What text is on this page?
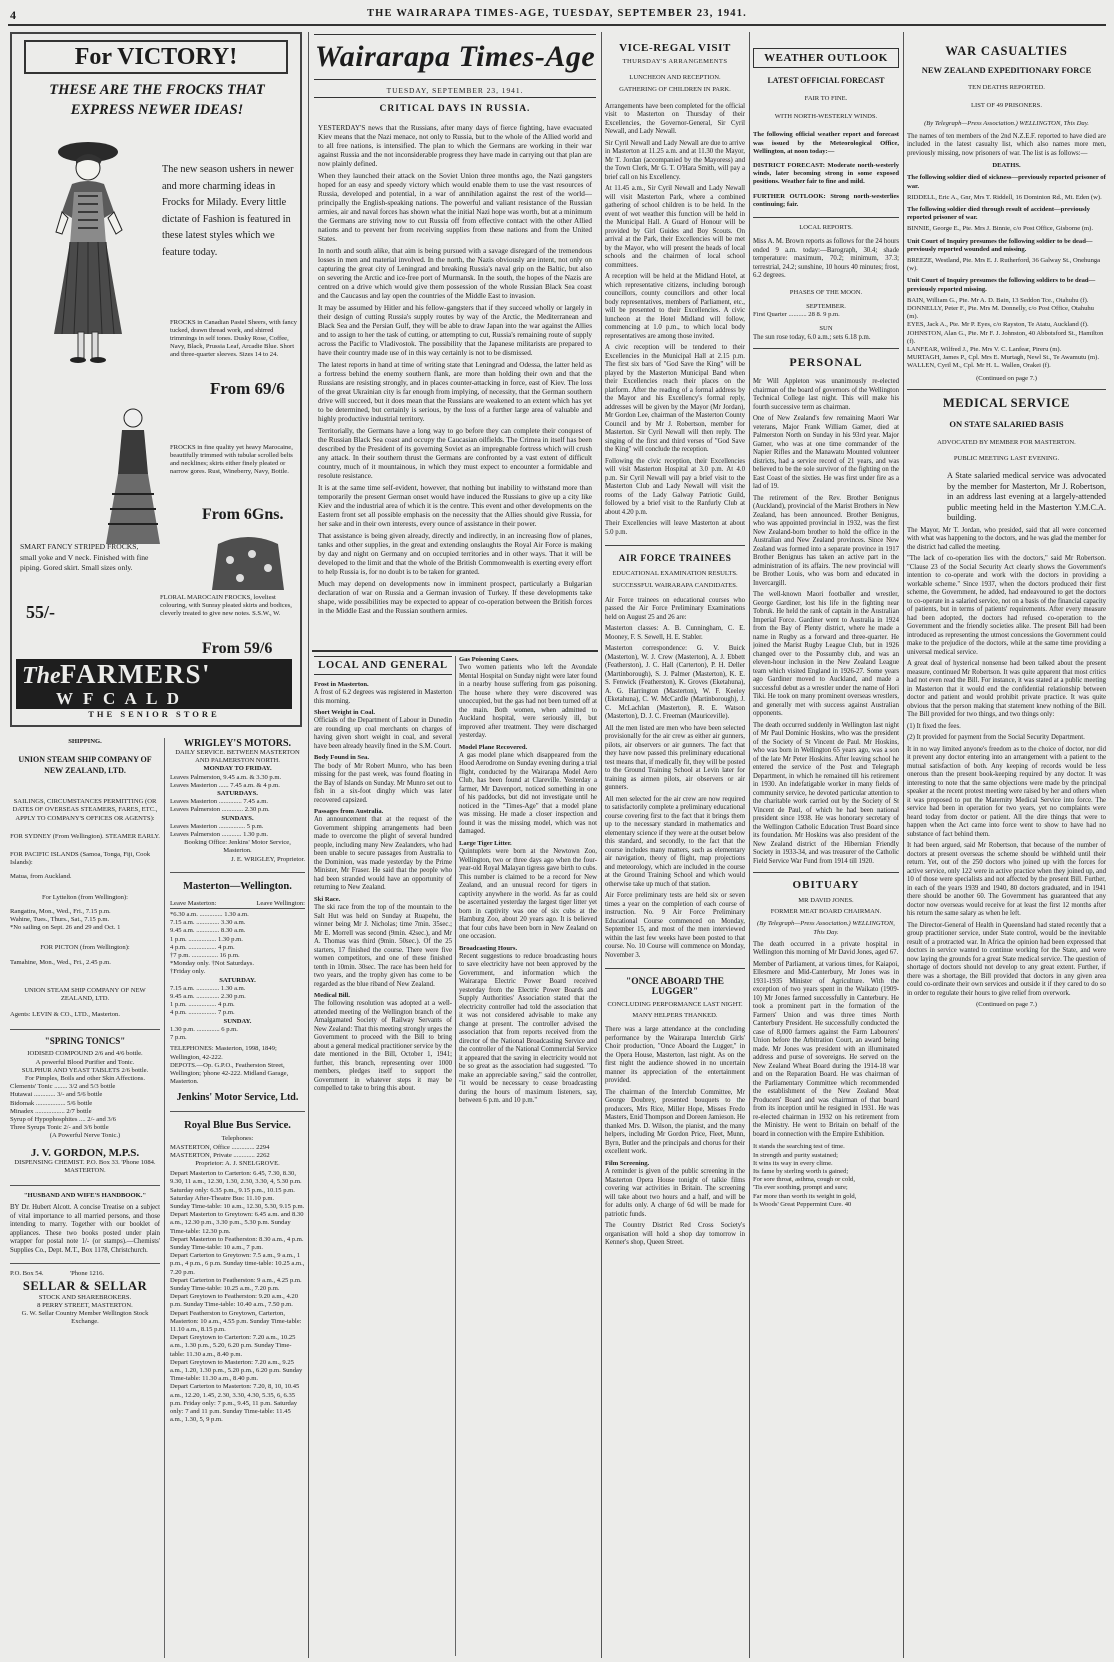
4	THE WAIRARAPA TIMES-AGE, TUESDAY, SEPTEMBER 23, 1941.
For VICTORY!
THESE ARE THE FROCKS THAT EXPRESS NEWER IDEAS!
The new season ushers in newer and more charming ideas in Frocks for Milady. Every little dictate of Fashion is featured in these latest styles which we feature today.
FROCKS in Canadian Pastel Sheers, with fancy tucked, drawn thread work, and shirred trimmings in self tones. Dusky Rose, Coffee, Navy, Black, Prussia Leaf, Arcadie Blue. Short and three-quarter sleeves. Sizes 14 to 24.
From 69/6
FROCKS in fine quality yet heavy Marocaine, beautifully trimmed with tubular scrolled belts and necklines; skirts either finely pleated or narrow gores. Rust, Wineberry, Navy, Bottle.
From 6Gns.
SMART FANCY STRIPED FROCKS, small yoke and V neck. Finished with fine piping. Gored skirt. Small sizes only.
55/-
FLORAL MAROCAIN FROCKS, loveliest colouring, with Sunray pleated skirts and bodices, cleverly treated to give new notes. S.S.W., W.
From 59/6
The FARMERS'
W F C A L D
THE SENIOR STORE
SHIPPING.
UNION STEAM SHIP COMPANY OF NEW ZEALAND, LTD.
SAILINGS, CIRCUMSTANCES PERMITTING (OR DATES OF OVERSEAS STEAMERS, FARES, ETC., APPLY TO COMPANY'S OFFICES OR AGENTS):
FOR SYDNEY (From Wellington). STEAMER EARLY.
FOR PACIFIC ISLANDS (Samoa, Tonga, Fiji, Cook Islands):
Matua, from Auckland.
For Lyttelton (from Wellington):
Rangatira, Mon., Wed., Fri., 7.15 p.m.
Wahine, Tues., Thurs., Sat., 7.15 p.m.
*No sailing on Sept. 26 and 29 and Oct. 1
FOR PICTON (from Wellington):
Tamahine, Mon., Wed., Fri., 2.45 p.m.
UNION STEAM SHIP COMPANY OF NEW ZEALAND, LTD.
Agents: LEVIN & CO., LTD., Masterton.
"SPRING TONICS"
IODISED COMPOUND 2/6 and 4/6 bottle.
A powerful Blood Purifier and Tonic.
SULPHUR AND YEAST TABLETS 2/6 bottle.
For Pimples, Boils and other Skin Affections.
Clements' Tonic ........ 3/2 and 5/3 bottle
Hutawai ............. 3/- and 5/6 bottle
Bidomak .................. 5/6 bottle
Minadex .................. 2/7 bottle
Syrup of Hypophosphites .... 2/- and 3/6
Three Syrups Tonic 2/- and 3/6 bottle
(A Powerful Nerve Tonic.)
J. V. GORDON, M.P.S.
DISPENSING CHEMIST. P.O. Box 33. 'Phone 1084. MASTERTON.
"HUSBAND AND WIFE'S HANDBOOK."
BY Dr. Hubert Alcott. A concise Treatise on a subject of vital importance to all married persons, and those intending to marry. Together with our booklet of appliances. These two books posted under plain wrapper for postal note 1/- (or stamps).—Chemists' Supplies Co., Dept. M.T., Box 1178, Christchurch.
P.O. Box 54.                'Phone 1216.
SELLAR & SELLAR
STOCK AND SHAREBROKERS.
8 PERRY STREET, MASTERTON.
G. W. Sellar Country Member Wellington Stock Exchange.
WRIGLEY'S MOTORS.
DAILY SERVICE. BETWEEN MASTERTON AND PALMERSTON NORTH.
MONDAY TO FRIDAY.
Leaves Palmerston, 9.45 a.m. & 3.30 p.m.
Leaves Masterton ...... 7.45 a.m. & 4 p.m.
SATURDAYS.
Leaves Masterton .............. 7.45 a.m.
Leaves Palmerston ............. 2.30 p.m.
SUNDAYS.
Leaves Masterton ................ 5 p.m.
Leaves Palmerston ............ 1.30 p.m.
Booking Office: Jenkins' Motor Service, Masterton.
J. E. WRIGLEY, Proprietor.
Masterton—Wellington.
Leave Masterton:	Leave Wellington:
*6.30 a.m. .............. 1.30 a.m.
7.15 a.m. .............. 3.30 a.m.
9.45 a.m. .............. 8.30 a.m.
1 p.m. ................. 1.30 p.m.
4 p.m. ................. 4 p.m.
†7 p.m. ................ 16 p.m.
*Monday only. †Not Saturdays.
†Friday only.
SATURDAY.
7.15 a.m. .............. 1.30 a.m.
9.45 a.m. .............. 2.30 p.m.
1 p.m. ................. 4 p.m.
4 p.m. ................. 7 p.m.
SUNDAY.
1.30 p.m. .............. 6 p.m.
7 p.m.
TELEPHONES: Masterton, 1998, 1849; Wellington, 42-222.
DEPOTS.—Op. G.P.O., Featherston Street, Wellington; 'phone 42-222. Midland Garage, Masterton.
Jenkins' Motor Service, Ltd.
Royal Blue Bus Service.
Telephones:
MASTERTON, Office .............. 2294
MASTERTON, Private ............. 2262
Proprietor: A. J. SNELGROVE.
Depart Masterton to Carterton: 6.45, 7.30, 8.30, 9.30, 11 a.m., 12.30, 1.30, 2.30, 3.30, 4, 5.30 p.m. Saturday only: 6.35 p.m., 9.15 p.m., 10.15 p.m.
Saturday After-Theatre Bus: 11.10 p.m.
Sunday Time-table: 10 a.m., 12.30, 5.30, 9.15 p.m.
Depart Masterton to Greytown: 6.45 a.m. and 8.30 a.m., 12.30 p.m., 3.30 p.m., 5.30 p.m. Sunday Time-table: 12.30 p.m.
Depart Masterton to Featherston: 8.30 a.m., 4 p.m. Sunday Time-table: 10 a.m., 7 p.m.
Depart Carterton to Greytown: 7.5 a.m., 9 a.m., 1 p.m., 4 p.m., 6 p.m. Sunday time-table: 10.25 a.m., 7.20 p.m.
Depart Carterton to Featherston: 9 a.m., 4.25 p.m. Sunday Time-table: 10.25 a.m., 7.20 p.m.
Depart Greytown to Featherston: 9.20 a.m., 4.20 p.m. Sunday Time-table: 10.40 a.m., 7.50 p.m.
Depart Featherston to Greytown, Carterton, Masterton: 10 a.m., 4.55 p.m. Sunday Time-table: 11.10 a.m., 8.15 p.m.
Depart Greytown to Carterton: 7.20 a.m., 10.25 a.m., 1.30 p.m., 5.20, 6.20 p.m. Sunday Time-table: 11.30 a.m., 8.40 p.m.
Depart Greytown to Masterton: 7.20 a.m., 9.25 a.m., 1.20, 1.30 p.m., 5.20 p.m., 6.20 p.m. Sunday Time-table: 11.30 a.m., 8.40 p.m.
Depart Carterton to Masterton: 7.20, 8, 10, 10.45 a.m., 12.20, 1.45, 2.30, 3.30, 4.30, 5.35, 6, 6.35 p.m. Friday only: 7 p.m., 9.45, 11 p.m. Saturday only: 7 and 11 p.m. Sunday Time-table: 11.45 a.m., 1.30, 5, 9 p.m.
Wairarapa Times-Age
TUESDAY, SEPTEMBER 23, 1941.
CRITICAL DAYS IN RUSSIA.

YESTERDAY'S news that the Russians, after many days of fierce fighting, have evacuated Kiev means that the Nazi menace, not only to Russia, but to the whole of the Allied world and to all free nations, is intensified. The plan to which the Germans are working in their war against Russia and the not inconsiderable progress they have made in carrying out that plan are now plainly defined.

When they launched their attack on the Soviet Union three months ago, the Nazi gangsters hoped for an easy and speedy victory which would enable them to use the vast resources of Russia, developed and potential, in a war of annihilation against the rest of the world—principally the English-speaking nations. The powerful and valiant resistance of the Russian armies, air and naval forces has shown what the initial Nazi hope was worth, but at a minimum the Germans are striving now to cut Russia off from effective contact with the other Allied nations and to prevent her from receiving supplies from these nations and from the United States.

In north and south alike, that aim is being pursued with a savage disregard of the tremendous losses in men and material involved. In the north, the Nazis obviously are intent, not only on capturing the great city of Leningrad and breaking Russia's naval grip on the Baltic, but also on severing the Arctic and ice-free port of Murmansk. In the south, the hopes of the Nazis are centred on a drive which would give them possession of the whole Russian Black Sea coast and the Caucasus and lay open the countries of the Middle East to invasion.

It may be assumed by Hitler and his fellow-gangsters that if they succeed wholly or largely in their design of cutting Russia's supply routes by way of the Arctic, the Mediterranean and Black Sea and the Persian Gulf, they will be able to draw Japan into the war against the Allies and to assign to her the task of cutting, or attempting to cut, Russia's remaining route of supply across the Pacific to Vladivostok. The possibility that the Japanese militarists are prepared to have their country made use of in this way certainly is not to be dismissed.

The latest reports in hand at time of writing state that Leningrad and Odessa, the latter held as a fortress behind the enemy southern flank, are more than holding their own and that the Russians are resisting strongly, and in places counter-attacking in force, east of Kiev. The loss of the great Ukrainian city is far enough from implying, of necessity, that the German southern drive will succeed, but it does mean that the Russians are weakened to an extent which has yet to be determined, but certainly is serious, by the loss of a further large area of valuable and highly productive industrial territory.

Territorially, the Germans have a long way to go before they can complete their conquest of the Russian Black Sea coast and occupy the Caucasian oilfields. The Crimea in itself has been described by the President of its governing Soviet as an impregnable fortress which will crush any attack. In their southern thrust the Germans are confronted by a vast extent of difficult country, much of it mountainous, in which they must expect to encounter a formidable and resolute resistance.

It is at the same time self-evident, however, that nothing but inability to withstand more than temporarily the present German onset would have induced the Russians to give up a city like Kiev and the industrial area of which it is the centre. This event and other developments on the Eastern front set all possible emphasis on the necessity that the Allies should give Russia, for her sake and in their own interests, every ounce of assistance in their power.

That assistance is being given already, directly and indirectly, in an increasing flow of planes, tanks and other supplies, in the great and extending onslaughts the Royal Air Force is making by day and night on Germany and on occupied territories and in other ways. That it will be developed to the limit and that the whole of the British Commonwealth is exerting every effort to help Russia is, for no doubt is to be taken for granted.

Much may depend on developments now in imminent prospect, particularly a Bulgarian declaration of war on Russia and a German invasion of Turkey. If these developments take shape, wide possibilities may be expected to appear of co-operation between the British forces in the Middle East and the Russian southern armies.

LOCAL AND GENERAL
Frost in Masterton.

A frost of 6.2 degrees was registered in Masterton this morning.

Short Weight in Coal.

Officials of the Department of Labour in Dunedin are rounding up coal merchants on charges of having given short weight in coal, and several have been already heavily fined in the S.M. Court.

Body Found in Sea.

The body of Mr Robert Munro, who has been missing for the past week, was found floating in the Bay of Islands on Sunday. Mr Munro set out to fish in a six-foot dinghy which was later recovered capsized.

Passages from Australia.

An announcement that at the request of the Government shipping arrangements had been made to overcome the plight of several hundred people, including many New Zealanders, who had been unable to secure passages from Australia to the Dominion, was made yesterday by the Prime Minister, Mr Fraser. He said that the people who had been stranded would have an opportunity of returning to New Zealand.

Ski Race.

The ski race from the top of the mountain to the Salt Hut was held on Sunday at Ruapehu, the winner being Mr J. Nicholas; time 7min. 35sec.; Mr E. Morrell was second (9min. 42sec.), and Mr A. Thomas was third (9min. 50sec.). Of the 25 starters, 17 finished the course. There were five women competitors, and one of these finished tenth in 10min. 30sec. The race has been held for two years, and the trophy given has come to be regarded as the blue riband of New Zealand.

Medical Bill.

The following resolution was adopted at a well-attended meeting of the Wellington branch of the Amalgamated Society of Railway Servants of New Zealand: That this meeting strongly urges the Government to proceed with the Bill to bring about a general medical practitioner service by the date mentioned in the Bill, October 1, 1941; further, this branch, representing over 1000 members, pledges itself to support the Government in whatever steps it may be compelled to take to bring this about.

Gas Poisoning Cases.

Two women patients who left the Avondale Mental Hospital on Sunday night were later found in a nearby house suffering from gas poisoning. The house where they were discovered was unoccupied, but the gas had not been turned off at the main. Both women, when admitted to Auckland hospital, were seriously ill, but improved after treatment. They were discharged yesterday.

Model Plane Recovered.

A gas model plane which disappeared from the Hood Aerodrome on Sunday evening during a trial flight, conducted by the Wairarapa Model Aero Club, has been found at Clareville. Yesterday a farmer, Mr Davenport, noticed something in one of his paddocks, but did not investigate until he noticed in the "Times-Age" that a model plane was missing. He made a closer inspection and found it was the missing model, which was not damaged.

Large Tiger Litter.

Quintuplets were born at the Newtown Zoo, Wellington, two or three days ago when the four-year-old Royal Malayan tigress gave birth to cubs. This number is claimed to be a record for New Zealand, and an unusual record for tigers in captivity anywhere in the world. As far as could be ascertained yesterday the largest tiger litter yet born in captivity was one of six cubs at the Hamburg Zoo, about 20 years ago. It is believed that four cubs have been born in New Zealand on one occasion.

Broadcasting Hours.

Recent suggestions to reduce broadcasting hours to save electricity have not been approved by the Government, and information which the Wairarapa Electric Power Board received yesterday from the Electric Power Boards and Supply Authorities' Association stated that the electricity controller had told the association that it was not considered advisable to make any change at present. The controller advised the association that from reports received from the director of the National Broadcasting Service and the controller of the National Commercial Service it appeared that the saving in electricity would not be so great as the association had suggested. "To make an appreciable saving," said the controller, "it would be necessary to cease broadcasting during the hours of maximum listeners, say, between 6 p.m. and 10 p.m."

VICE-REGAL VISIT
THURSDAY'S ARRANGEMENTS
LUNCHEON AND RECEPTION.
GATHERING OF CHILDREN IN PARK.

Arrangements have been completed for the official visit to Masterton on Thursday of their Excellencies, the Governor-General, Sir Cyril Newall, and Lady Newall.

Sir Cyril Newall and Lady Newall are due to arrive in Masterton at 11.25 a.m. and at 11.30 the Mayor, Mr T. Jordan (accompanied by the Mayoress) and the Town Clerk, Mr G. T. O'Hara Smith, will pay a brief call on his Excellency.

At 11.45 a.m., Sir Cyril Newall and Lady Newall will visit Masterton Park, where a combined gathering of school children is to be held. In the event of wet weather this function will be held in the Municipal Hall. A Guard of Honour will be provided by Girl Guides and Boy Scouts. On arrival at the Park, their Excellencies will be met by the Mayor, who will present the heads of local schools and the chairmen of local school committees.

A reception will be held at the Midland Hotel, at which representative citizens, including borough councillors, county councillors and other local body representatives, members of Parliament, etc., will be presented to their Excellencies. A civic luncheon at the Hotel Midland will follow, commencing at 1.0 p.m., to which local body representatives are among those invited.

A civic reception will be tendered to their Excellencies in the Municipal Hall at 2.15 p.m. The first six bars of "God Save the King" will be played by the Masterton Municipal Band when their Excellencies reach their places on the platform. After the reading of a formal address by the Mayor and his Excellency's formal reply, addresses will be given by the Mayor (Mr Jordan), Mr Gordon Lee, chairman of the Masterton County Council and by Mr J. Robertson, member for Masterton. Sir Cyril Newall will then reply. The singing of the first and third verses of "God Save the King" will conclude the reception.

Following the civic reception, their Excellencies will visit Masterton Hospital at 3.0 p.m. At 4.0 p.m. Sir Cyril Newall will pay a brief visit to the Masterton Club and Lady Newall will visit the rooms of the Lady Galway Patriotic Guild, followed by a brief visit to the Ranfurly Club at about 4.20 p.m.

Their Excellencies will leave Masterton at about 5.0 p.m.

AIR FORCE TRAINEES
EDUCATIONAL EXAMINATION RESULTS.
SUCCESSFUL WAIRARAPA CANDIDATES.

Air Force trainees on educational courses who passed the Air Force Preliminary Examinations held on August 25 and 26 are:

Masterton classes: A. B. Cunningham, C. E. Mooney, F. S. Sewell, H. E. Stabler.

Masterton correspondence: G. V. Buick (Masterton), W. J. Crew (Masterton), A. J. Ebbett (Featherston), J. C. Hall (Carterton), P. H. Deller (Martinborough), S. J. Palmer (Masterton), K. E. S. Fenwick (Featherston), K. Groves (Eketahuna), A. G. Harrington (Masterton), W. F. Keeley (Eketahuna), C. W. McCardle (Martinborough), J. C. McLachlan (Masterton), R. E. Watson (Masterton), D. J. C. Freeman (Mauriceville).

All the men listed are men who have been selected provisionally for the air crew as either air gunners, pilots, air observers or air gunners. The fact that they have now passed this preliminary educational test means that, if medically fit, they will be posted to the Ground Training School at Levin later for training as airmen pilots, air observers or air gunners.

All men selected for the air crew are now required to satisfactorily complete a preliminary educational course covering first to the fact that it brings them up to the necessary standard in mathematics and elementary science if they were at the outset below this standard, and secondly, to the fact that the course includes many matters, such as elementary air navigation, theory of flight, map projections and meteorology, which are included in the course at the Ground Training School and which would otherwise take up much of that station.

Air Force preliminary tests are held six or seven times a year on the completion of each course of instruction. No. 9 Air Force Preliminary Educational Course commenced on Monday, September 15, and most of the men interviewed within the last few weeks have been posted to that course. No. 10 Course will commence on Monday, November 3.

"ONCE ABOARD THE LUGGER"
CONCLUDING PERFORMANCE LAST NIGHT.
MANY HELPERS THANKED.

There was a large attendance at the concluding performance by the Wairarapa Interclub Girls' Choir production, "Once Aboard the Lugger," in the Opera House, Masterton, last night. As on the first night the audience showed in no uncertain manner its appreciation of the entertainment provided.

The chairman of the Interclub Committee, Mr George Doubrey, presented bouquets to the producers, Mrs Rice, Miller Hope, Misses Fredo Masters, Enid Thompson and Doreen Jamieson. He thanked Mrs. D. Wilson, the pianist, and the many helpers, including Mr Gordon Price, Fleet, Munn, Byrn, Butler and the principals and chorus for their excellent work.

Film Screening.

A reminder is given of the public screening in the Masterton Opera House tonight of talkie films covering war activities in Britain. The screening will take about two hours and a half, and will be for adults only. A charge of 6d will be made for patriotic funds.

The Country District Red Cross Society's organisation will hold a shop day tomorrow in Kenner's shop, Queen Street.

WEATHER OUTLOOK
LATEST OFFICIAL FORECAST
FAIR TO FINE.
WITH NORTH-WESTERLY WINDS.
The following official weather report and forecast was issued by the Meteorological Office, Wellington, at noon today:—
DISTRICT FORECAST: Moderate north-westerly winds, later becoming strong in some exposed positions. Weather fair to fine and mild.
FURTHER OUTLOOK: Strong north-westerlies continuing; fair.
LOCAL REPORTS.

Miss A. M. Brown reports as follows for the 24 hours ended 9 a.m. today:—Barograph, 30.4; shade temperature: maximum, 70.2; minimum, 37.3; terrestrial, 24.2; sunshine, 10 hours 40 minutes; frost, 6.2 degrees.

PHASES OF THE MOON.
SEPTEMBER.
First Quarter ........... 28 8. 9 p.m.
SUN

The sun rose today, 6.0 a.m.; sets 6.18 p.m.

PERSONAL

Mr Will Appleton was unanimously re-elected chairman of the board of governors of the Wellington Technical College last night. This will make his fourth successive term as chairman.

One of New Zealand's few remaining Maori War veterans, Major Frank William Gamer, died at Palmerston North on Sunday in his 93rd year. Major Gamer, who was at one time commander of the Napier Rifles and the Manawatu Mounted volunteer districts, had a service record of 21 years, and was believed to be the sole survivor of the fighting on the East Coast of the sixties. He was first under fire as a lad of 19.

The retirement of the Rev. Brother Benignus (Auckland), provincial of the Marist Brothers in New Zealand, has been announced. Brother Benignus, who was appointed provincial in 1932, was the first New Zealand-born brother to hold the office in the Australian and New Zealand provinces. Since New Zealand was formed into a separate province in 1917 Brother Benignus has taken an active part in the administration of its affairs. The new provincial will be Brother Louis, who was born and educated in Invercargill.

The well-known Maori footballer and wrestler, George Gardiner, lost his life in the fighting near Tobruk. He held the rank of captain in the Australian Imperial Force. Gardiner went to Australia in 1924 from the Bay of Plenty district, where he made a name in Rugby as a forward and three-quarter. He joined the Marist Rugby League Club, but in 1926 changed over to the Possumby club, and was an eleven-hour inclusion in the New Zealand League team which visited England in 1926-27. Some years ago Gardiner moved to Auckland, and made a successful debut as a wrestler under the name of Hori Tiki. He took on many prominent overseas wrestlers, and generally met with success against Australian opponents.

The death occurred suddenly in Wellington last night of Mr Paul Dominic Hoskins, who was the president of the Society of St Vincent de Paul. Mr Hoskins, who was born in Wellington 65 years ago, was a son of the late Mr Peter Hoskins. After leaving school he entered the service of the Post and Telegraph Department, in which he remained till his retirement in 1930. An indefatigable worker in many fields of community service, he devoted particular attention to the charitable work carried out by the Society of St Vincent de Paul, of which he had been national president since 1938. He was honorary secretary of the Wellington Catholic Education Trust Board since its foundation. Mr Hoskins was also president of the New Zealand district of the Hibernian Friendly Society in 1933-34, and was treasurer of the Catholic Field Service War Fund from 1914 till 1920.

OBITUARY
MR DAVID JONES.
FORMER MEAT BOARD CHAIRMAN.
(By Telegraph—Press Association.) WELLINGTON, This Day.

The death occurred in a private hospital in Wellington this morning of Mr David Jones, aged 67.

Member of Parliament, at various times, for Kaiapoi, Ellesmere and Mid-Canterbury, Mr Jones was in 1931-1935 Minister of Agriculture. With the exception of two years spent in the Waikato (1909-10) Mr Jones farmed successfully in Canterbury. He took a prominent part in the formation of the Farmers' Union and was three times North Canterbury President. He successfully conducted the case of 8,000 farmers against the Farm Labourers' Union before the Arbitration Court, an award being made. Mr Jones was president with an illuminated address and purse of sovereigns. He served on the New Zealand Wheat Board during the 1914-18 war and on the Reparation Board. He was chairman of the Parliamentary Committee which recommended the establishment of the New Zealand Meat Producers' Board and was chairman of that board from its inception until he resigned in 1931. He was re-elected chairman in 1932 on his retirement from the Ministry. He went to Britain on behalf of the board in connection with the Empire Exhibition.

It stands the searching test of time.
In strength and purity sustained;
It wins its way in every clime.
Its fame by sterling worth is gained;
For sore throat, asthma, cough or cold,
'Tis ever soothing, prompt and sure;
Far more than worth its weight in gold,
Is Woods' Great Peppermint Cure. 40
WAR CASUALTIES
NEW ZEALAND EXPEDITIONARY FORCE
TEN DEATHS REPORTED.
LIST OF 49 PRISONERS.
(By Telegraph—Press Association.) WELLINGTON, This Day.

The names of ten members of the 2nd N.Z.E.F. reported to have died are included in the latest casualty list, which also names more men, previously missing, now prisoners of war. The list is as follows:—

DEATHS.
The following soldier died of sickness—previously reported prisoner of war.
RIDDELL, Eric A., Gnr, Mrs T. Riddell, 16 Dominion Rd., Mt. Eden (w).
The following soldier died through result of accident—previously reported prisoner of war.
BINNIE, George E., Pte. Mrs J. Binnie, c/o Post Office, Gisborne (m).
Unit Court of Inquiry presumes the following soldier to be dead—previously reported wounded and missing.
BREEZE, Westland, Pte. Mrs E. J. Rutherford, 36 Galway St., Onehunga (w).
Unit Court of Inquiry presumes the following soldiers to be dead—previously reported missing.
BAIN, William G., Pte. Mr A. D. Bain, 13 Seddon Tce., Otahuhu (f).
DONNELLY, Peter F., Pte. Mrs M. Donnelly, c/o Post Office, Otahuhu (m).
EYES, Jack A., Pte. Mr P. Eyes, c/o Rayston, Te Atatu, Auckland (f).
JOHNSTON, Alan G., Pte. Mr F. J. Johnston, 40 Abbotsford St., Hamilton (f).
LANFEAR, Wilfred J., Pte. Mrs V. C. Lanfear, Pireru (m).
MURTAGH, James P., Cpl. Mrs E. Murtagh, Newl St., Te Awamutu (m).
WALLEN, Cyril M., Cpl. Mr H. L. Wallen, Orakei (f).
(Continued on page 7.)
MEDICAL SERVICE
ON STATE SALARIED BASIS
ADVOCATED BY MEMBER FOR MASTERTON.
PUBLIC MEETING LAST EVENING.

A State salaried medical service was advocated by the member for Masterton, Mr J. Robertson, in an address last evening at a largely-attended public meeting held in the Masterton Y.M.C.A. building.

The Mayor, Mr T. Jordan, who presided, said that all were concerned with what was happening to the doctors, and he was glad the member for the district had called the meeting.

"The lack of co-operation lies with the doctors," said Mr Robertson. "Clause 23 of the Social Security Act clearly shows the Government's intention to co-operate and work with the doctors in providing a workable scheme." Since 1937, when the doctors produced their first scheme, the Government, he added, had endeavoured to get the doctors to co-operate in a salaried service, not on a basis of the financial capacity of patients, but in terms of patients' requirements. After every measure had been adopted, the doctors had refused co-operation to the Government and the friendly societies alike. The present Bill had been introduced as representing the utmost concessions the Government could make to the prejudice of the doctors, while at the same time providing a universal medical service.

A great deal of hysterical nonsense had been talked about the present measure, continued Mr Robertson. It was quite apparent that most critics had not even read the Bill. For instance, it was stated at a public meeting in Masterton that it would end the confidential relationship between doctor and patient and would prohibit private practice. It was quite obvious that the person making that statement knew nothing of the Bill. The Bill provided for two things, and two things only:

(1) It fixed the fees.

(2) It provided for payment from the Social Security Department.

It in no way limited anyone's freedom as to the choice of doctor, nor did it prevent any doctor entering into an arrangement with a patient to the mutual satisfaction of both. Any keeping of records would be less onerous than the present book-keeping required by any doctor. It was interesting to note that the same objections were made by the principal speaker at the recent protest meeting were raised by her and others when it was proposed to put the Maternity Medical Service into force. The service had been in operation for two years, yet no complaints were heard today from doctor or patient. All the dire things that were to happen when the Act came into force went to show to have had no substance of fact behind them.

It had been argued, said Mr Robertson, that because of the number of doctors at present overseas the scheme should be withheld until their return. Yet, out of the 250 doctors who joined up with the forces for active service, only 122 were in active practice when they joined up, and 10 of those were specialists and not affected by the present Bill. Further, in each of the years 1939 and 1940, 80 doctors graduated, and in 1941 there should be another 60. The Government has guaranteed that any doctor now overseas would receive for at least the first 12 months after his return the same salary as when he left.

The Director-General of Health in Queensland had stated recently that a group practitioner service, under State control, would be the inevitable result of a protracted war. In Africa the opinion had been expressed that doctors in service wanted to continue working for the State, and were now laying the grounds for a great State medical service. The question of shortage of doctors should not develop to any great extent. Further, if there was a shortage, the Bill provided that doctors in any given area could co-ordinate their own services and outside it if they cared to do so in order to regulate their hours to give relief from overwork.

(Continued on page 7.)
